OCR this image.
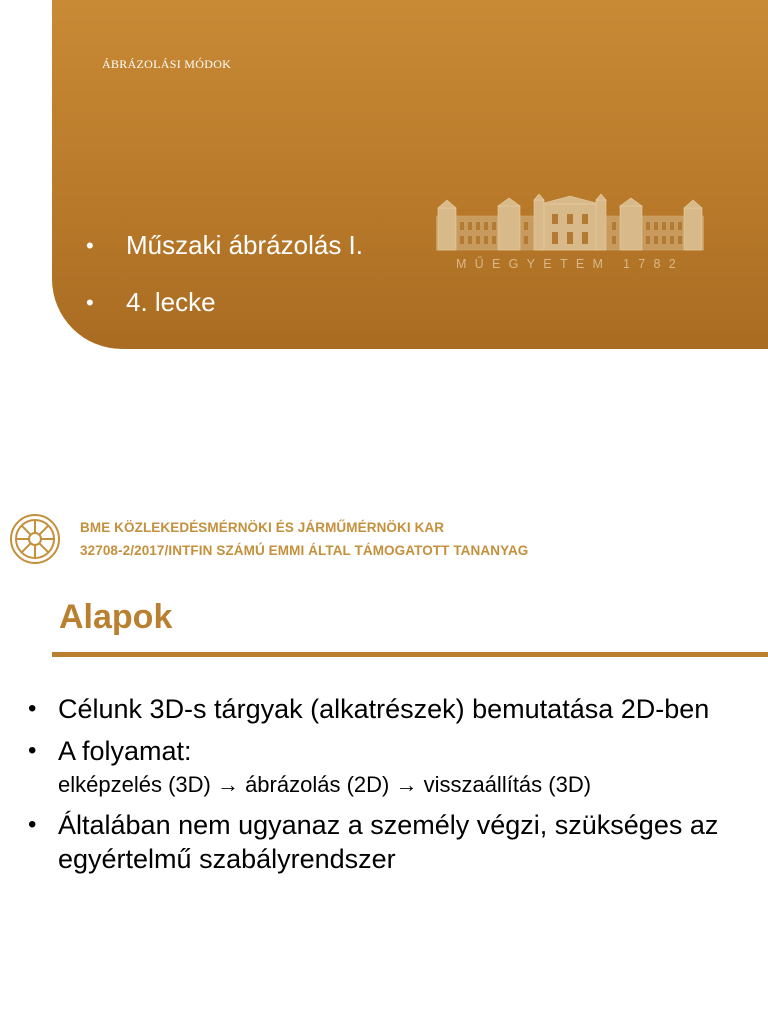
ÁBRÁZOLÁSI MÓDOK
• Műszaki ábrázolás I.
• 4. lecke
MŰEGYETEM 1782
BME KÖZLEKEDÉSMÉRNÖKI ÉS JÁRMŰMÉRNÖKI KAR
32708-2/2017/INTFIN SZÁMÚ EMMI ÁLTAL TÁMOGATOTT TANANYAG
Alapok
• Célunk 3D-s tárgyak (alkatrészek) bemutatása 2D-ben
• A folyamat:
elképzelés (3D) → ábrázolás (2D) → visszaállítás (3D)
• Általában nem ugyanaz a személy végzi, szükséges az egyértelmű szabályrendszer
